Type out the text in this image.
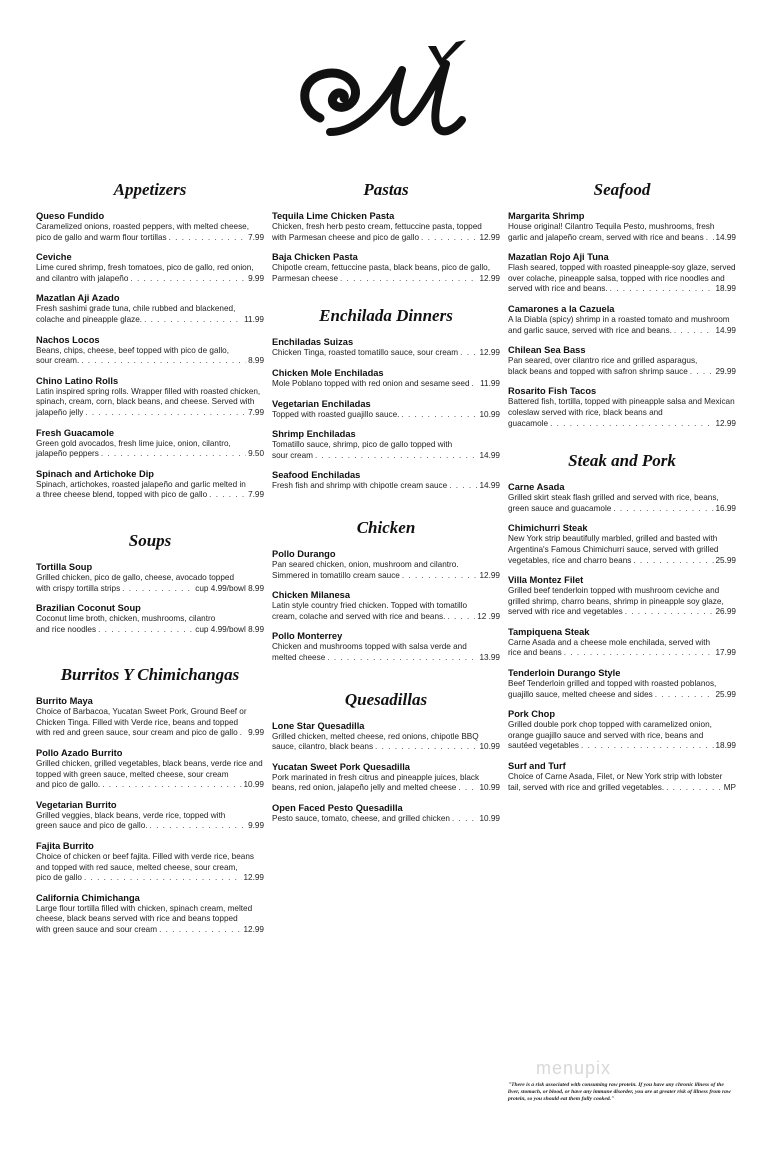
Appetizers
Queso Fundido
Caramelized onions, roasted peppers, with melted cheese,
pico de gallo and warm flour tortillas . . .	7.99
Ceviche
Lime cured shrimp, fresh tomatoes, pico de gallo, red onion,
and cilantro with jalapeño . . .	9.99
Mazatlan Aji Azado
Fresh sashimi grade tuna, chile rubbed and blackened,
colache and pineapple glaze. . . .	11.99
Nachos Locos
Beans, chips, cheese, beef topped with pico de gallo,
sour cream. . . .	8.99
Chino Latino Rolls
Latin inspired spring rolls. Wrapper filled with roasted chicken, spinach, cream, corn, black beans, and cheese. Served with
jalapeño jelly . . .	7.99
Fresh Guacamole
Green gold avocados, fresh lime juice, onion, cilantro,
jalapeño peppers . . .	9.50
Spinach and Artichoke Dip
Spinach, artichokes, roasted jalapeño and garlic melted in
a three cheese blend, topped with pico de gallo . . .	7.99
Soups
Tortilla Soup
Grilled chicken, pico de gallo, cheese, avocado topped
with crispy tortilla strips . . .	cup 4.99/bowl 8.99
Brazilian Coconut Soup
Coconut lime broth, chicken, mushrooms, cilantro
and rice noodles . . .	cup 4.99/bowl 8.99
Burritos Y Chimichangas
Burrito Maya
Choice of Barbacoa, Yucatan Sweet Pork, Ground Beef or Chicken Tinga. Filled with Verde rice, beans and topped
with red and green sauce, sour cream and pico de gallo . . . 9.99
Pollo Azado Burrito
Grilled chicken, grilled vegetables, black beans, verde rice and topped with green sauce, melted cheese, sour cream
and pico de gallo. . . .	10.99
Vegetarian Burrito
Grilled veggies, black beans, verde rice, topped with
green sauce and pico de gallo. . . .	9.99
Fajita Burrito
Choice of chicken or beef fajita. Filled with verde rice, beans and topped with red sauce, melted cheese, sour cream,
pico de gallo . . .	12.99
California Chimichanga
Large flour tortilla filled with chicken, spinach cream, melted cheese, black beans served with rice and beans topped
with green sauce and sour cream . . .	12.99
Pastas
Tequila Lime Chicken Pasta
Chicken, fresh herb pesto cream, fettuccine pasta, topped
with Parmesan cheese and pico de gallo . . .	12.99
Baja Chicken Pasta
Chipotle cream, fettuccine pasta, black beans, pico de gallo,
Parmesan cheese . . .	12.99
Enchilada Dinners
Enchiladas Suizas
Chicken Tinga, roasted tomatillo sauce, sour cream . . .	12.99
Chicken Mole Enchiladas
Mole Poblano topped with red onion and sesame seed . . . 11.99
Vegetarian Enchiladas
Topped with roasted guajillo sauce. . . .	10.99
Shrimp Enchiladas
Tomatillo sauce, shrimp, pico de gallo topped with
sour cream . . .	14.99
Seafood Enchiladas
Fresh fish and shrimp with chipotle cream sauce . . .	14.99
Chicken
Pollo Durango
Pan seared chicken, onion, mushroom and cilantro.
Simmered in tomatillo cream sauce . . .	12.99
Chicken Milanesa
Latin style country fried chicken. Topped with tomatillo
cream, colache and served with rice and beans. . . .	12 .99
Pollo Monterrey
Chicken and mushrooms topped with salsa verde and
melted cheese . . .	13.99
Quesadillas
Lone Star Quesadilla
Grilled chicken, melted cheese, red onions, chipotle BBQ
sauce, cilantro, black beans . . .	10.99
Yucatan Sweet Pork Quesadilla
Pork marinated in fresh citrus and pineapple juices, black
beans, red onion, jalapeño jelly and melted cheese . . .	10.99
Open Faced Pesto Quesadilla
Pesto sauce, tomato, cheese, and grilled chicken . . .	10.99
Seafood
Margarita Shrimp
House original! Cilantro Tequila Pesto, mushrooms, fresh
garlic and jalapeño cream, served with rice and beans . . . 14.99
Mazatlan Rojo Aji Tuna
Flash seared, topped with roasted pineapple-soy glaze, served over colache, pineapple salsa, topped with rice noodles and
served with rice and beans. . . .	18.99
Camarones a la Cazuela
A la Diabla (spicy) shrimp in a roasted tomato and mushroom
and garlic sauce, served with rice and beans. . . .	14.99
Chilean Sea Bass
Pan seared, over cilantro rice and grilled asparagus,
black beans and topped with safron shrimp sauce . . .	29.99
Rosarito Fish Tacos
Battered fish, tortilla, topped with pineapple salsa and Mexican coleslaw served with rice, black beans and
guacamole . . .	12.99
Steak and Pork
Carne Asada
Grilled skirt steak flash grilled and served with rice, beans,
green sauce and guacamole . . .	16.99
Chimichurri Steak
New York strip beautifully marbled, grilled and basted with Argentina's Famous Chimichurri sauce, served with grilled
vegetables, rice and charro beans . . .	25.99
Villa Montez Filet
Grilled beef tenderloin topped with mushroom ceviche and grilled shrimp, charro beans, shrimp in pineapple soy glaze,
served with rice and vegetables . . .	26.99
Tampiquena Steak
Carne Asada and a cheese mole enchilada, served with
rice and beans . . .	17.99
Tenderloin Durango Style
Beef Tenderloin grilled and topped with roasted poblanos,
guajillo sauce, melted cheese and sides . . .	25.99
Pork Chop
Grilled double pork chop topped with caramelized onion, orange guajillo sauce and served with rice, beans and
sautéed vegetables . . .	18.99
Surf and Turf
Choice of Carne Asada, Filet, or New York strip with lobster
tail, served with rice and grilled vegetables. . . .	MP
menupix
"There is a risk associated with consuming raw protein. If you have any chronic illness of the liver, stomach, or blood, or have any immune disorder, you are at greater risk of illness from raw protein, so you should eat them fully cooked."
